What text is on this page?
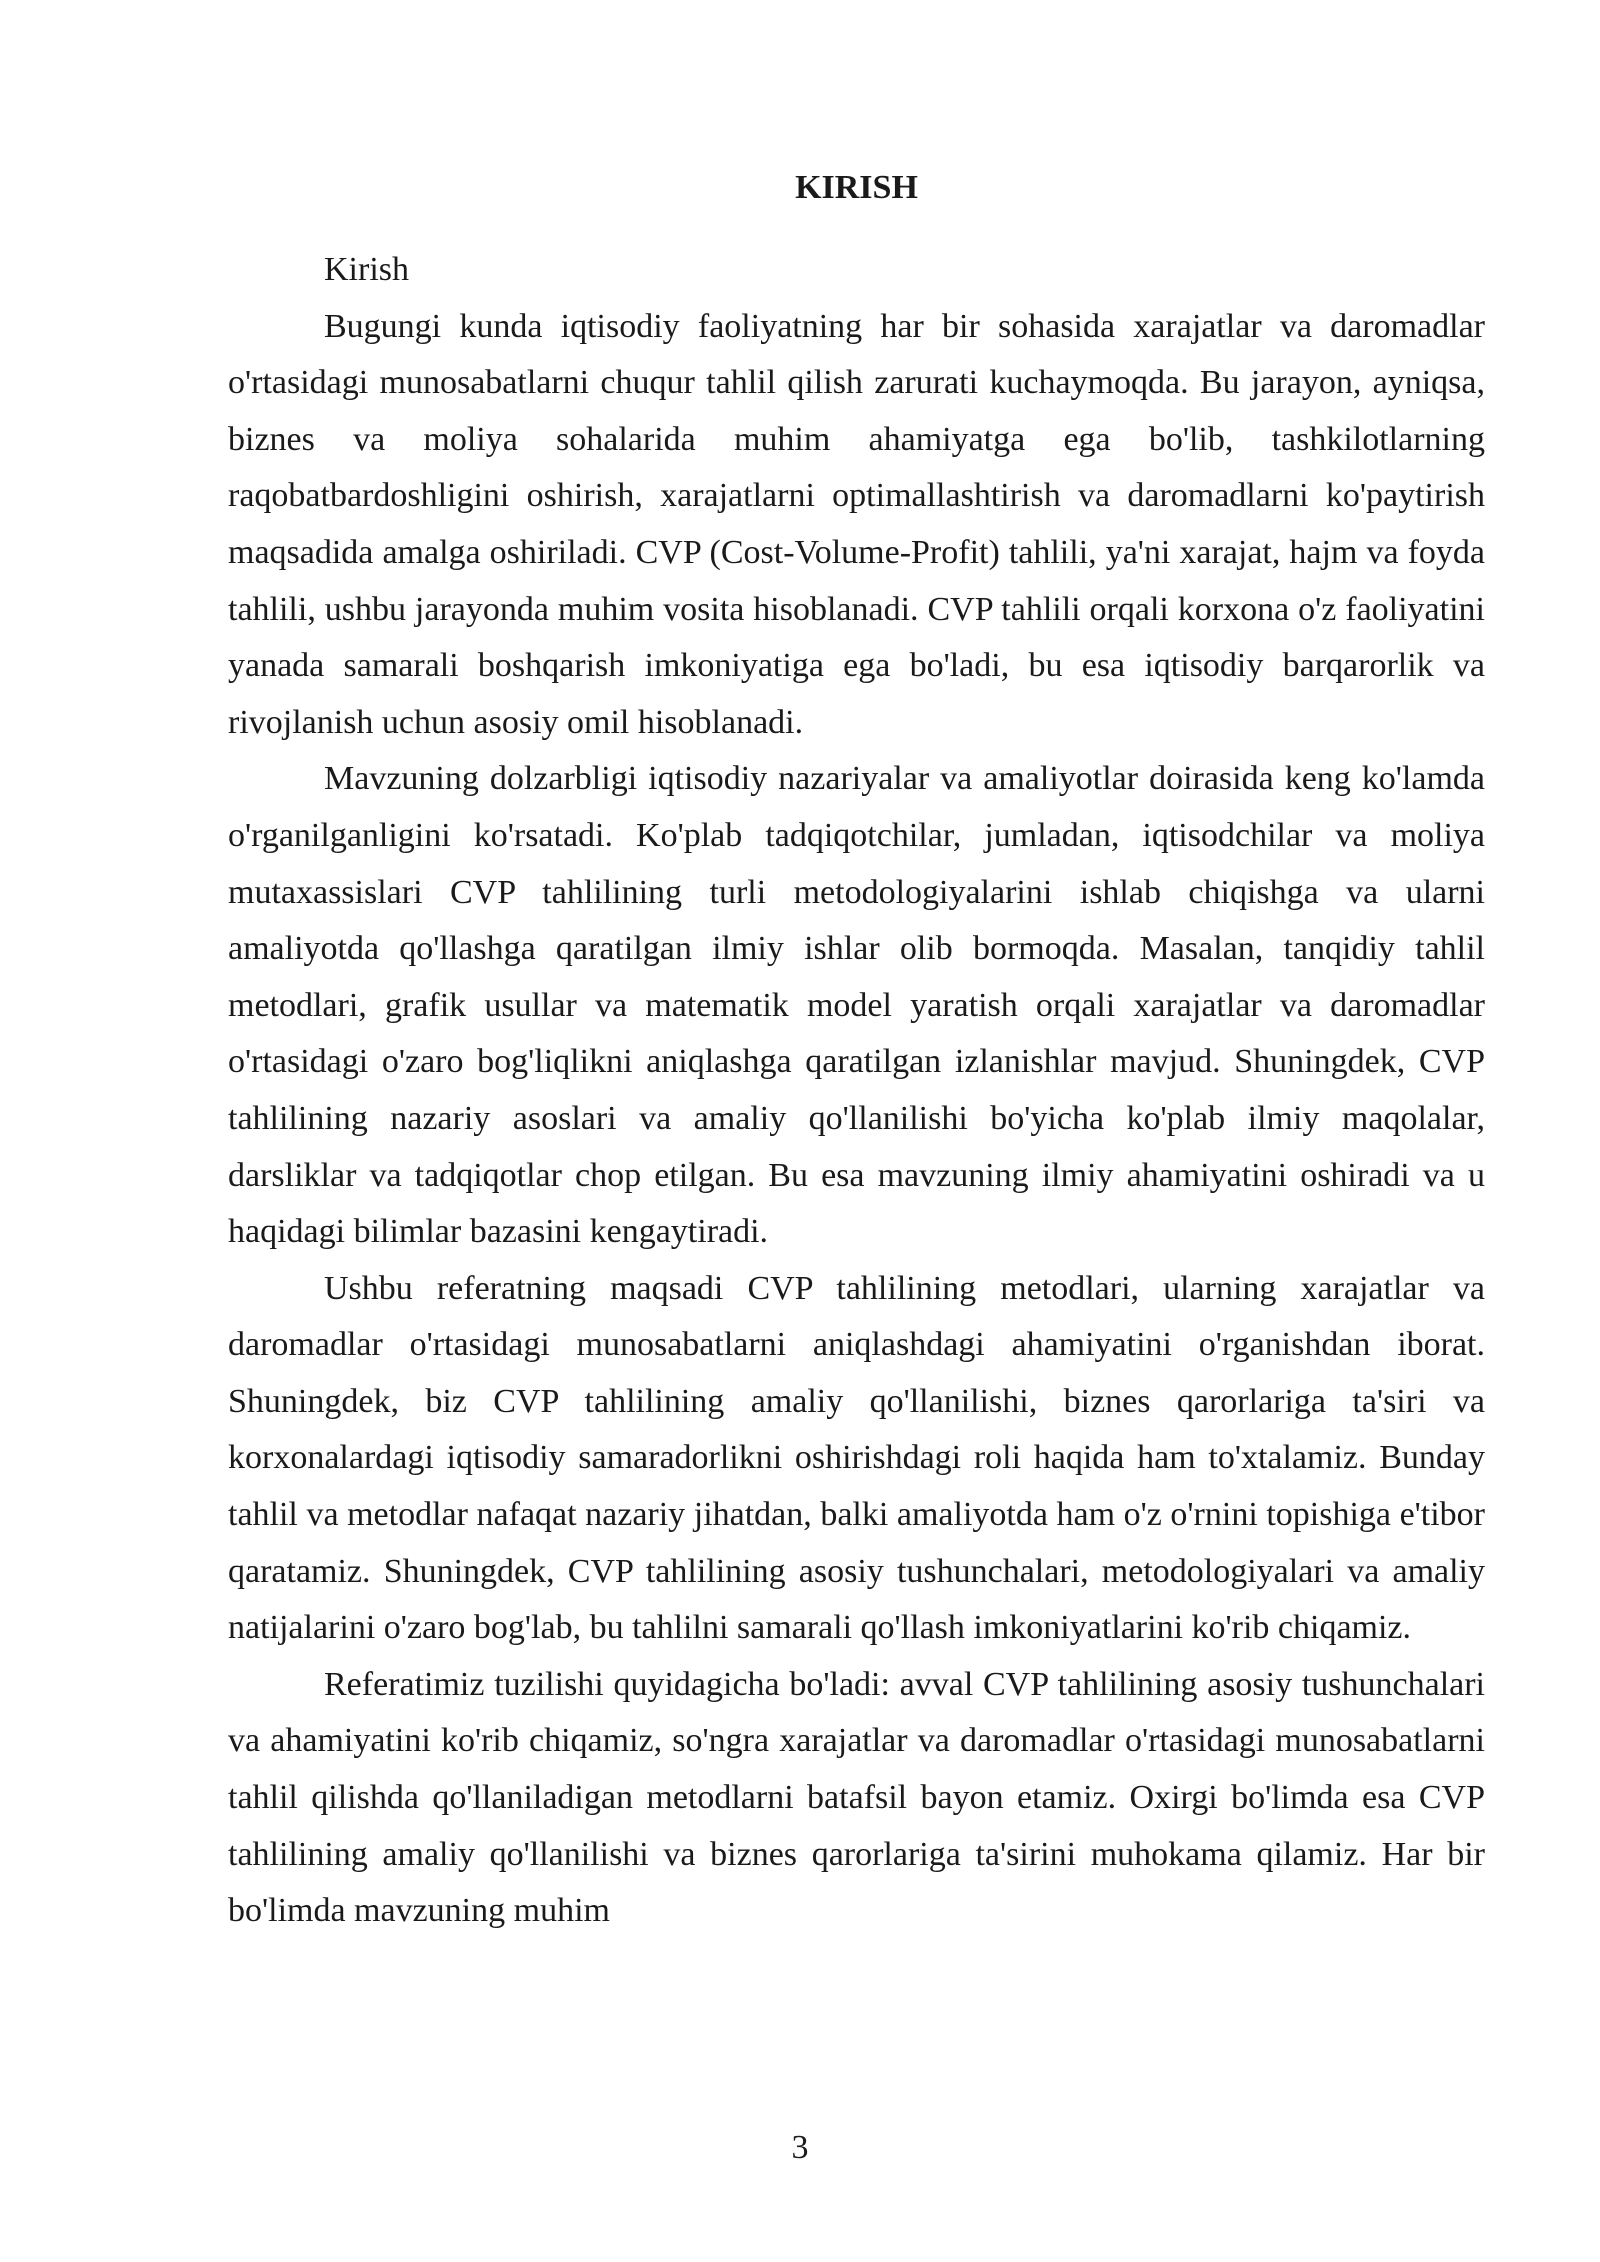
KIRISH

Kirish

Bugungi kunda iqtisodiy faoliyatning har bir sohasida xarajatlar va daromadlar o'rtasidagi munosabatlarni chuqur tahlil qilish zarurati kuchaymoqda. Bu jarayon, ayniqsa, biznes va moliya sohalarida muhim ahamiyatga ega bo'lib, tashkilotlarning raqobatbardoshligini oshirish, xarajatlarni optimallashtirish va daromadlarni ko'paytirish maqsadida amalga oshiriladi. CVP (Cost-Volume-Profit) tahlili, ya'ni xarajat, hajm va foyda tahlili, ushbu jarayonda muhim vosita hisoblanadi. CVP tahlili orqali korxona o'z faoliyatini yanada samarali boshqarish imkoniyatiga ega bo'ladi, bu esa iqtisodiy barqarorlik va rivojlanish uchun asosiy omil hisoblanadi.

Mavzuning dolzarbligi iqtisodiy nazariyalar va amaliyotlar doirasida keng ko'lamda o'rganilganligini ko'rsatadi. Ko'plab tadqiqotchilar, jumladan, iqtisodchilar va moliya mutaxassislari CVP tahlilining turli metodologiyalarini ishlab chiqishga va ularni amaliyotda qo'llashga qaratilgan ilmiy ishlar olib bormoqda. Masalan, tanqidiy tahlil metodlari, grafik usullar va matematik model yaratish orqali xarajatlar va daromadlar o'rtasidagi o'zaro bog'liqlikni aniqlashga qaratilgan izlanishlar mavjud. Shuningdek, CVP tahlilining nazariy asoslari va amaliy qo'llanilishi bo'yicha ko'plab ilmiy maqolalar, darsliklar va tadqiqotlar chop etilgan. Bu esa mavzuning ilmiy ahamiyatini oshiradi va u haqidagi bilimlar bazasini kengaytiradi.

Ushbu referatning maqsadi CVP tahlilining metodlari, ularning xarajatlar va daromadlar o'rtasidagi munosabatlarni aniqlashdagi ahamiyatini o'rganishdan iborat. Shuningdek, biz CVP tahlilining amaliy qo'llanilishi, biznes qarorlariga ta'siri va korxonalardagi iqtisodiy samaradorlikni oshirishdagi roli haqida ham to'xtalamiz. Bunday tahlil va metodlar nafaqat nazariy jihatdan, balki amaliyotda ham o'z o'rnini topishiga e'tibor qaratamiz. Shuningdek, CVP tahlilining asosiy tushunchalari, metodologiyalari va amaliy natijalarini o'zaro bog'lab, bu tahlilni samarali qo'llash imkoniyatlarini ko'rib chiqamiz.

Referatimiz tuzilishi quyidagicha bo'ladi: avval CVP tahlilining asosiy tushunchalari va ahamiyatini ko'rib chiqamiz, so'ngra xarajatlar va daromadlar o'rtasidagi munosabatlarni tahlil qilishda qo'llaniladigan metodlarni batafsil bayon etamiz. Oxirgi bo'limda esa CVP tahlilining amaliy qo'llanilishi va biznes qarorlariga ta'sirini muhokama qilamiz. Har bir bo'limda mavzuning muhim

3
